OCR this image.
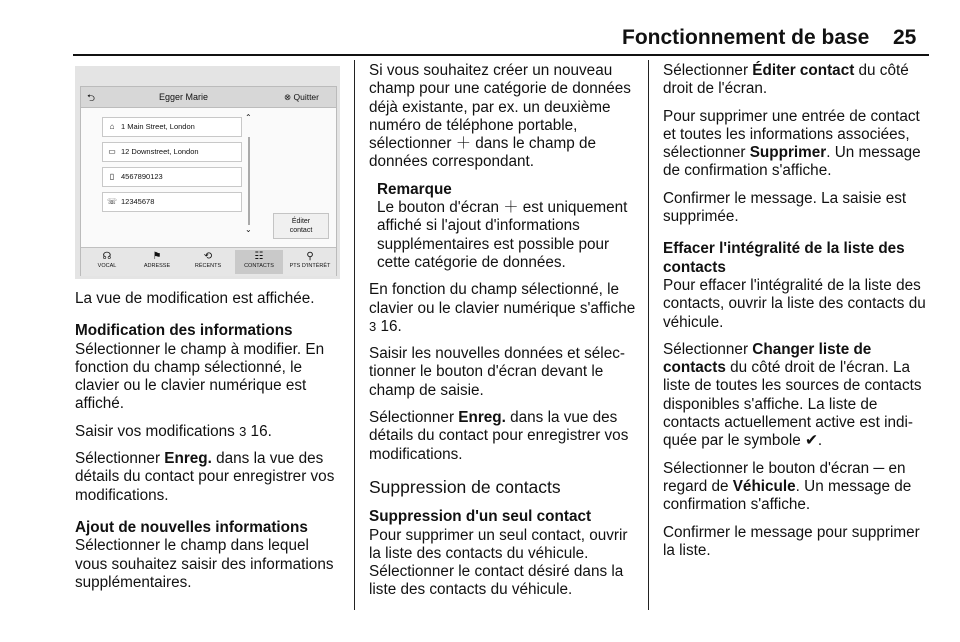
Fonctionnement de base 25
⮌	Egger Marie	⊗ Quitter
⌂ 1 Main Street, London
▭ 12 Downstreet, London
▯ 4567890123
☏ 12345678
⌃
⌄
Éditer
contact
☊
VOCAL
⚑
ADRESSE
⟲
RÉCENTS
☷
CONTACTS
⚲
PTS D'INTÉRÊT

La vue de modification est affichée.

Modification des informations

Sélectionner le champ à modifier. En fonction du champ sélectionné, le clavier ou le clavier numérique est affiché.

Saisir vos modifications 3 16.

Sélectionner Enreg. dans la vue des détails du contact pour enregistrer vos modifications.

Ajout de nouvelles informations

Sélectionner le champ dans lequel vous souhaitez saisir des informations supplémentaires.

Si vous souhaitez créer un nouveau champ pour une catégorie de données déjà existante, par ex. un deuxième numéro de téléphone portable, sélectionner ＋ dans le champ de données correspondant.

Remarque
Le bouton d'écran ＋ est uniquement affiché si l'ajout d'informations supplémentaires est possible pour cette catégorie de données.

En fonction du champ sélectionné, le clavier ou le clavier numérique s'affiche 3 16.

Saisir les nouvelles données et sélectionner le bouton d'écran devant le champ de saisie.

Sélectionner Enreg. dans la vue des détails du contact pour enregistrer vos modifications.

Suppression de contacts
Suppression d'un seul contact

Pour supprimer un seul contact, ouvrir la liste des contacts du véhicule. Sélectionner le contact désiré dans la liste des contacts du véhicule.

Sélectionner Éditer contact du côté droit de l'écran.

Pour supprimer une entrée de contact et toutes les informations associées, sélectionner Supprimer. Un message de confirmation s'affiche.

Confirmer le message. La saisie est supprimée.

Effacer l'intégralité de la liste des contacts

Pour effacer l'intégralité de la liste des contacts, ouvrir la liste des contacts du véhicule.

Sélectionner Changer liste de contacts du côté droit de l'écran. La liste de toutes les sources de contacts disponibles s'affiche. La liste de contacts actuellement active est indiquée par le symbole ✔.

Sélectionner le bouton d'écran ─ en regard de Véhicule. Un message de confirmation s'affiche.

Confirmer le message pour supprimer la liste.
